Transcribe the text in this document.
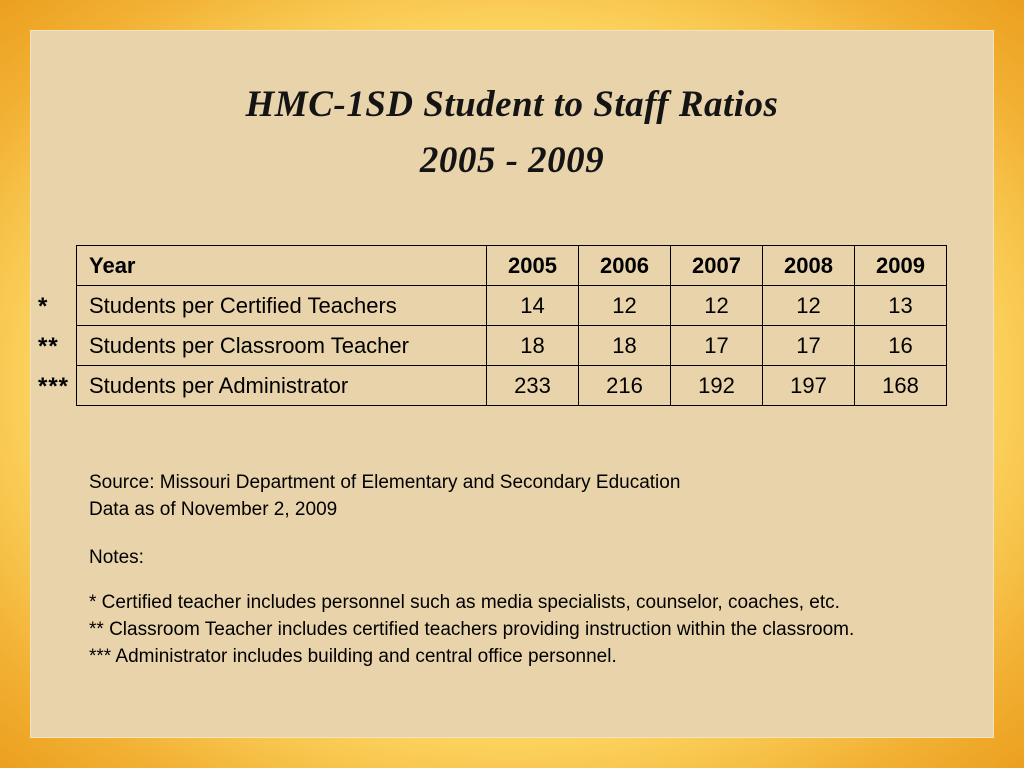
HMC-1SD Student to Staff Ratios
2005 - 2009
*
**
***
Year	2005	2006	2007	2008	2009
Students per Certified Teachers	14	12	12	12	13
Students per Classroom Teacher	18	18	17	17	16
Students per Administrator	233	216	192	197	168
Source: Missouri Department of Elementary and Secondary Education
Data as of November 2, 2009
Notes:
* Certified teacher includes personnel such as media specialists, counselor, coaches, etc.
** Classroom Teacher includes certified teachers providing instruction within the classroom.
*** Administrator includes building and central office personnel.
